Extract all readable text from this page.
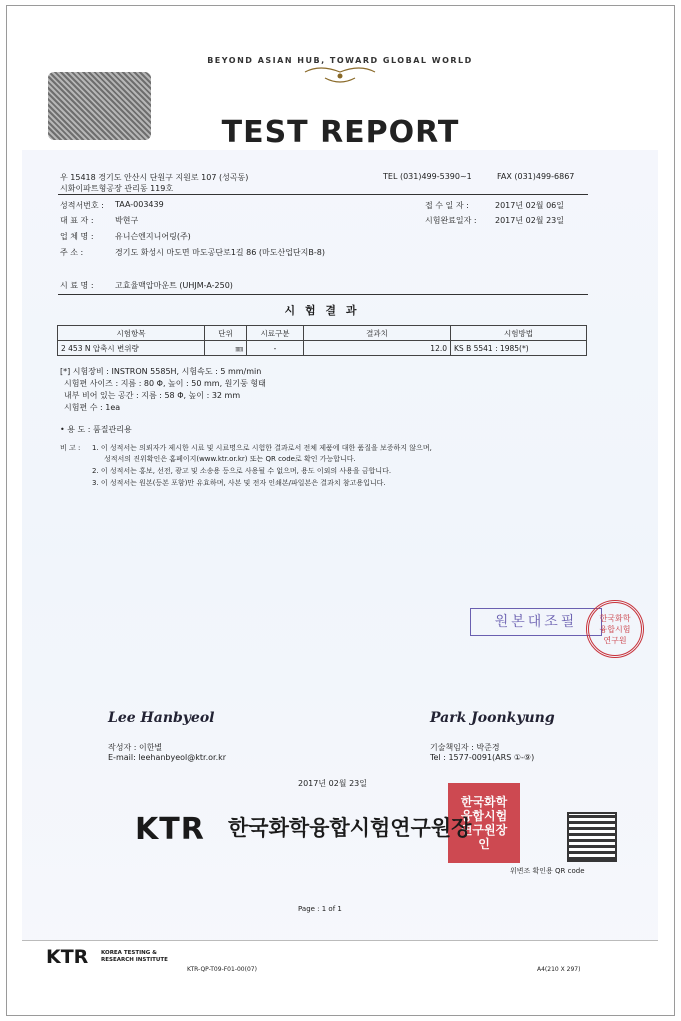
BEYOND ASIAN HUB, TOWARD GLOBAL WORLD
TEST REPORT
우 15418 경기도 안산시 단원구 지원로 107 (성곡동)
시화이파트형공장 관리동 119호
TEL (031)499-5390~1	FAX (031)499-6867
성적서번호 : TAA-003439
대 표 자 :	박현구
업 체 명 :	유니슨엔지니어링(주)
주 소 :	경기도 화성시 마도면 마도공단로1길 86 (마도산업단지B-8)
접 수 일 자 :	2017년 02월 06일
시험완료일자 : 2017년 02월 23일
시 료 명 :	고효율맥압마운트 (UHJM-A-250)
시 험 결 과
시험항목	단위	시료구분	결과치	시험방법
2 453 N 압축시 변위량	㎜	-	12.0	KS B 5541 : 1985(*)
[*] 시험장비 : INSTRON 5585H, 시험속도 : 5 mm/min
시험편 사이즈 : 지름 : 80 Φ, 높이 : 50 mm, 원기둥 형태
내부 비어 있는 공간 : 지름 : 58 Φ, 높이 : 32 mm
시험편 수 : 1ea
• 용 도 : 품질관리용
비 고 : 1. 이 성적서는 의뢰자가 제시한 시료 및 시료명으로 시험한 결과로서 전체 제품에 대한 품질을 보증하지 않으며,
성적서의 진위확인은 홈페이지(www.ktr.or.kr) 또는 QR code로 확인 가능합니다.
2. 이 성적서는 홍보, 선전, 광고 및 소송용 등으로 사용될 수 없으며, 용도 이외의 사용을 금합니다.
3. 이 성적서는 원본(등본 포함)만 유효하며, 사본 및 전자 인쇄본/파일본은 결과치 참고용입니다.
원본대조필	한국화학 융합시험 연구원
Lee Hanbyeol
작성자 : 이한별
E-mail: leehanbyeol@ktr.or.kr
Park Joonkyung
기술책임자 : 박준경
Tel : 1577-0091(ARS ①-⑨)
2017년 02월 23일
한국화학융합시험연구원장인
KTR 한국화학융합시험연구원장
위변조 확인용 QR code
Page : 1 of 1
KTR KOREA TESTING & RESEARCH INSTITUTE
KTR-QP-T09-F01-00(07)	A4(210 X 297)
